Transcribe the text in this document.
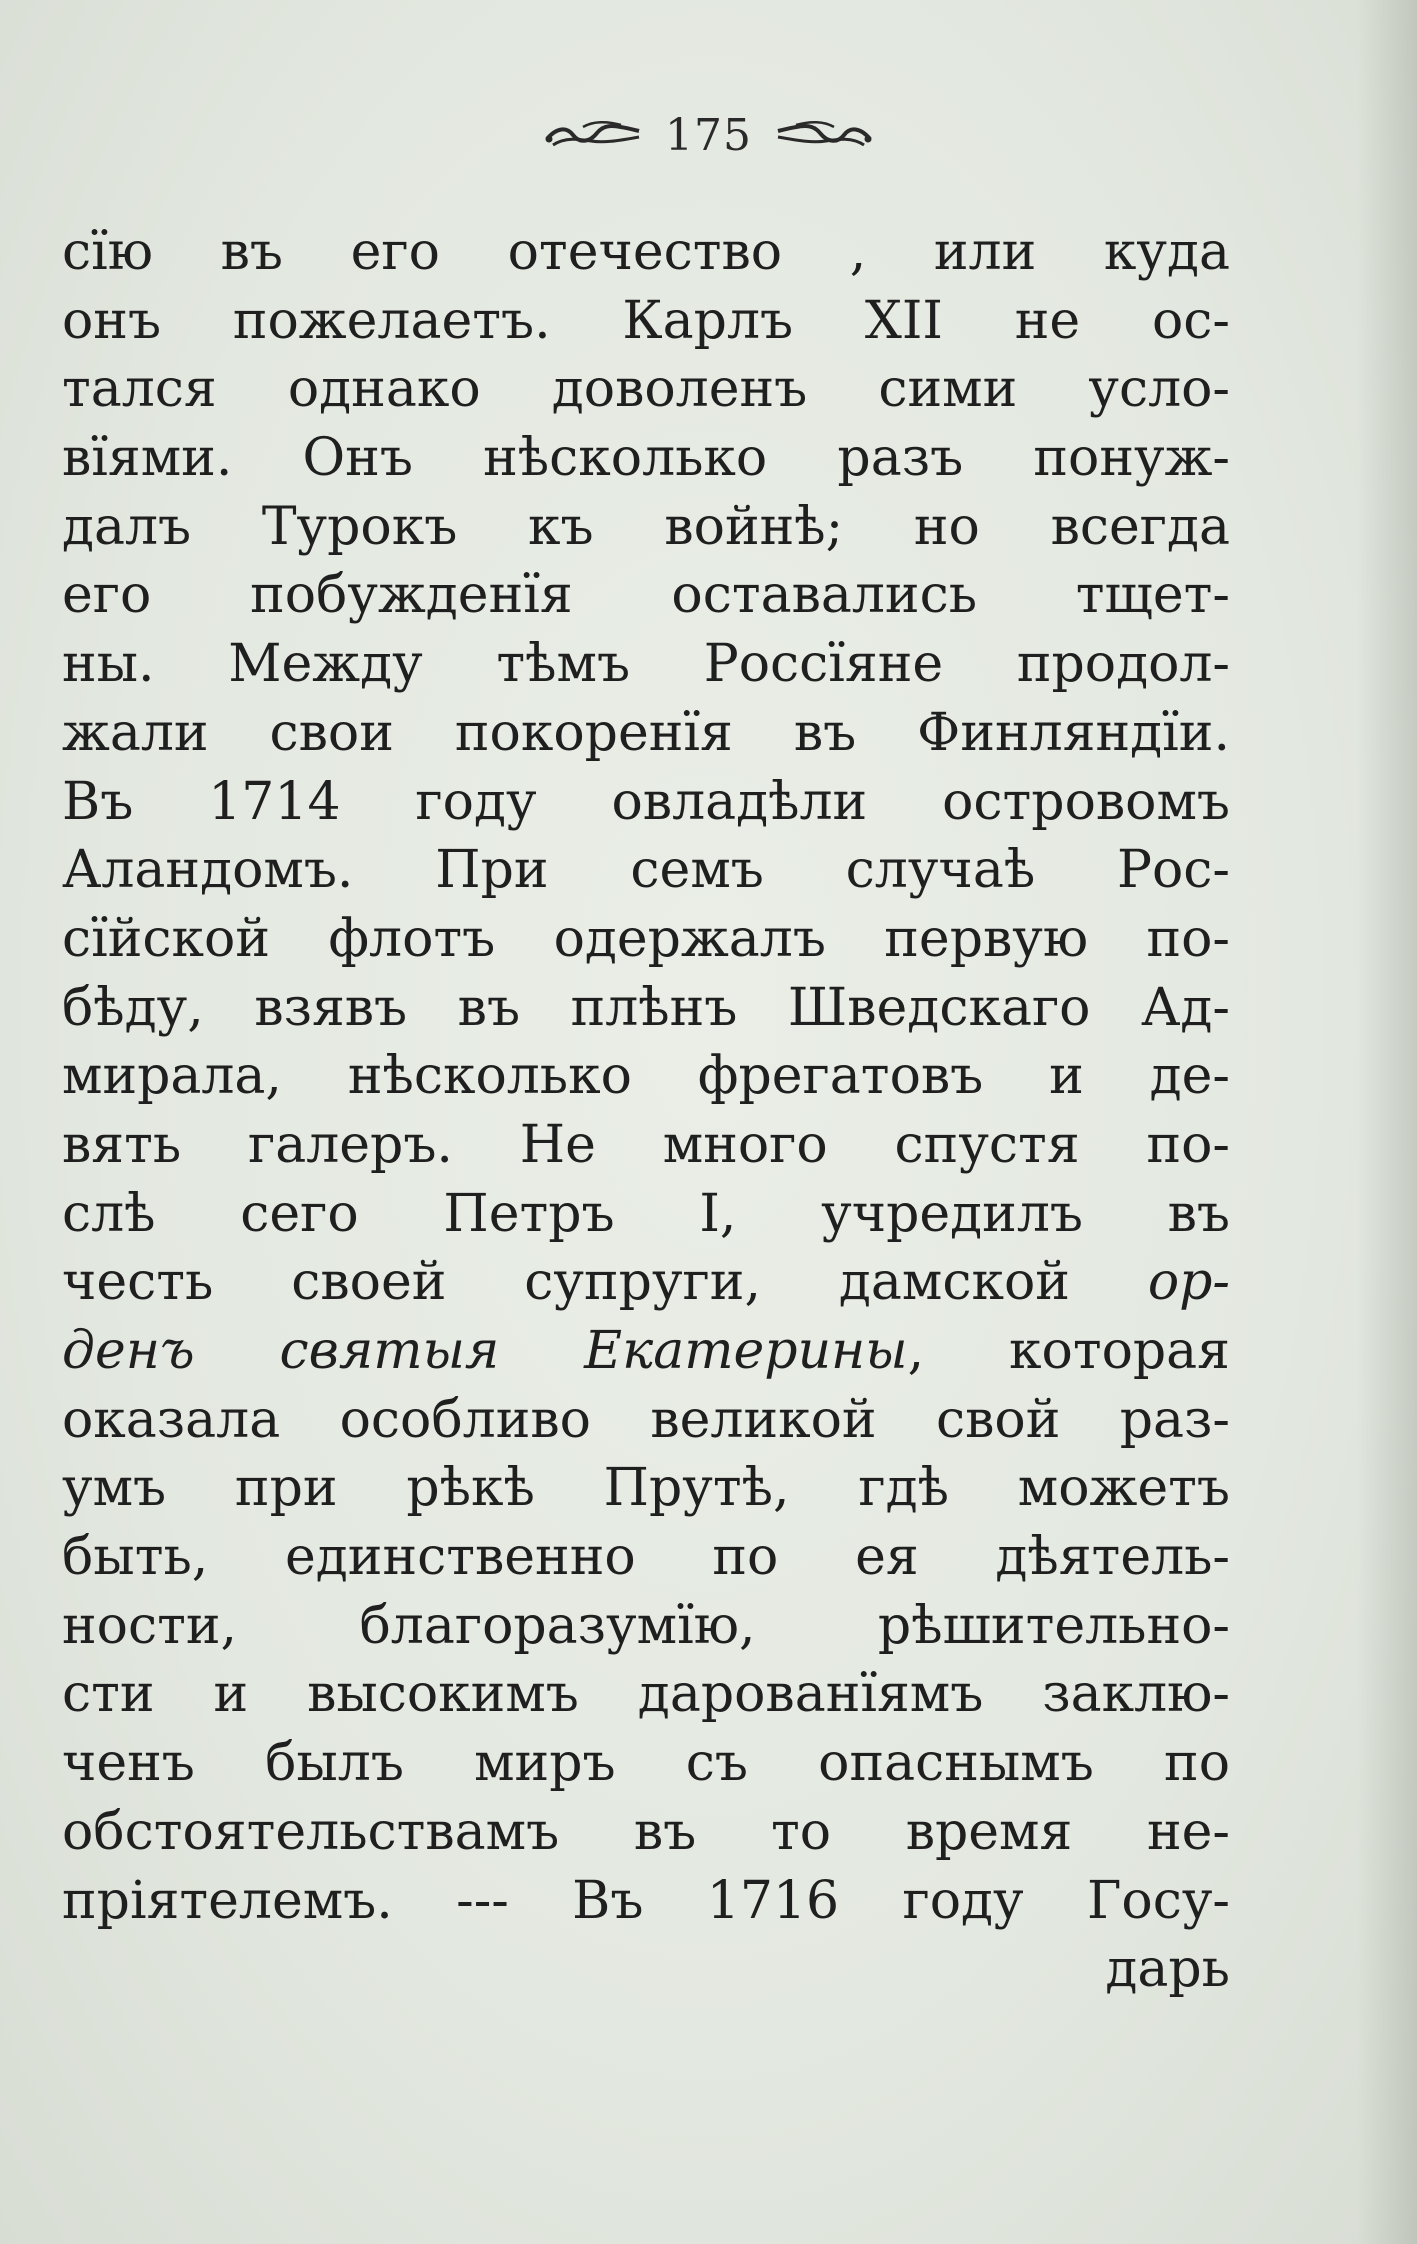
175
сїю въ его отечество , или куда
онъ пожелаетъ. Карлъ XII не ос-
тался однако доволенъ сими усло-
вїями. Онъ нѣсколько разъ понуж-
далъ Турокъ къ войнѣ; но всегда
его побужденїя оставались тщет-
ны. Между тѣмъ Россїяне продол-
жали свои покоренїя въ Финляндїи.
Въ 1714 году овладѣли островомъ
Аландомъ. При семъ случаѣ Рос-
сїйской флотъ одержалъ первую по-
бѣду, взявъ въ плѣнъ Шведскаго Ад-
мирала, нѣсколько фрегатовъ и де-
вять галеръ. Не много спустя по-
слѣ сего Петръ I, учредилъ въ
честь своей супруги, дамской ор-
денъ святыя Екатерины, которая
оказала особливо великой свой раз-
умъ при рѣкѣ Прутѣ, гдѣ можетъ
быть, единственно по ея дѣятель-
ности, благоразумїю, рѣшительно-
сти и высокимъ дарованїямъ заклю-
ченъ былъ миръ съ опаснымъ по
обстоятельствамъ въ то время не-
прiятелемъ. --- Въ 1716 году Госу-
дарь
